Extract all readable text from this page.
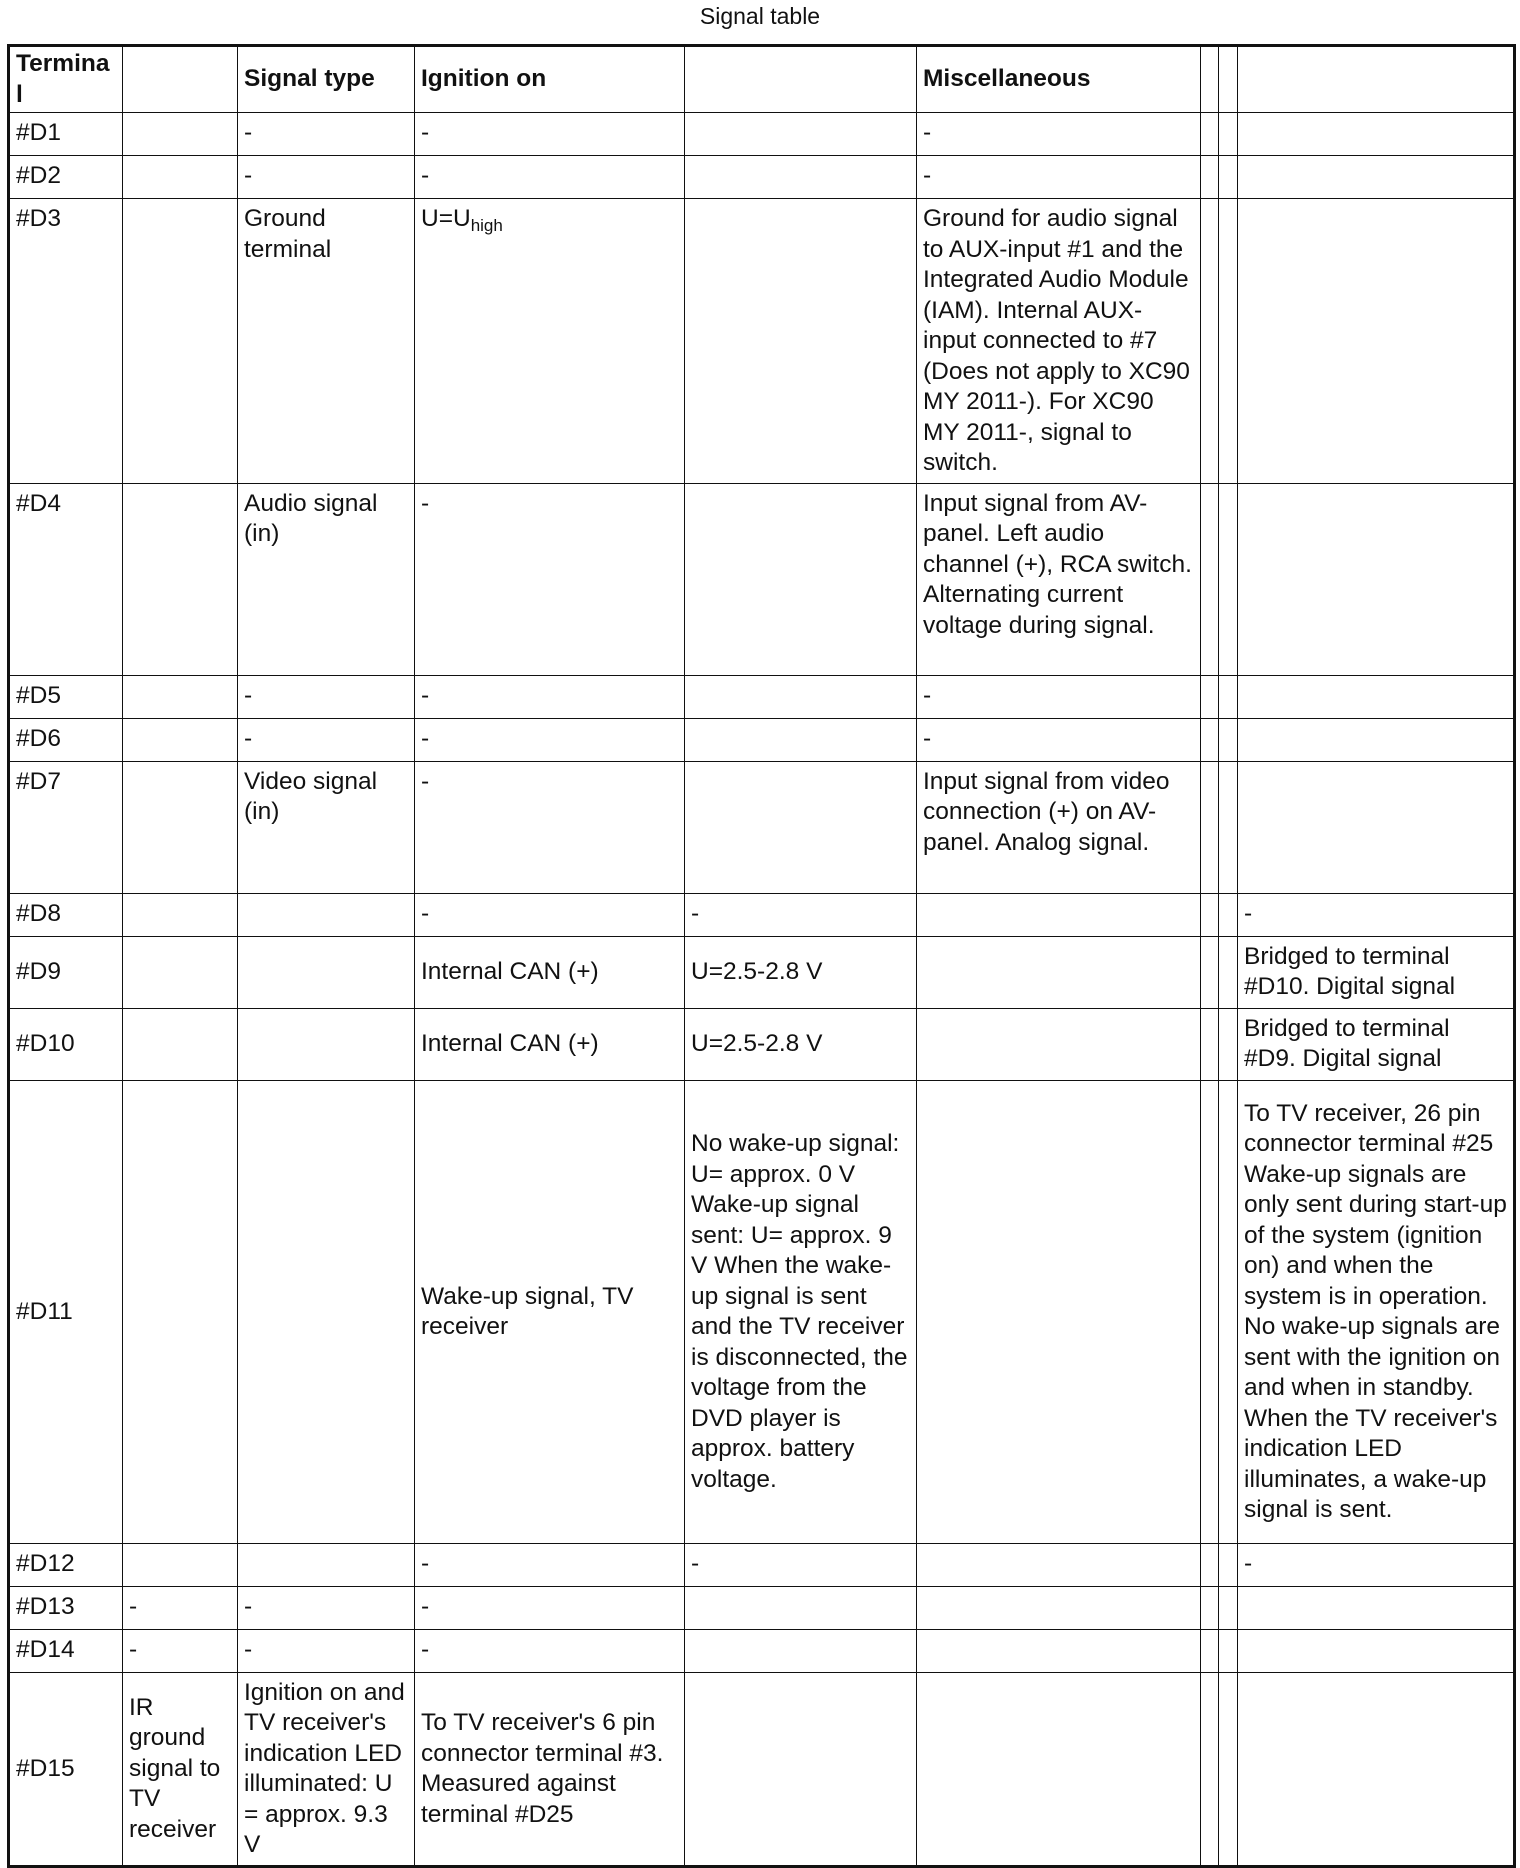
Signal table
Terminal		Signal type	Ignition on		Miscellaneous			
#D1		-	-		-			
#D2		-	-		-			
#D3		Ground terminal	$U=U_{high}$		Ground for audio signal to AUX-input #1 and the Integrated Audio Module (IAM). Internal AUX-input connected to #7 (Does not apply to XC90 MY 2011-). For XC90 MY 2011-, signal to switch.			
#D4		Audio signal (in)	-		Input signal from AV-panel. Left audio channel (+), RCA switch. Alternating current voltage during signal.			
#D5		-	-		-			
#D6		-	-		-			
#D7		Video signal (in)	-		Input signal from video connection (+) on AV-panel. Analog signal.			
#D8			-	-				-
#D9			Internal CAN (+)	U=2.5-2.8 V				Bridged to terminal #D10. Digital signal
#D10			Internal CAN (+)	U=2.5-2.8 V				Bridged to terminal #D9. Digital signal
#D11			Wake-up signal, TV receiver	No wake-up signal: U= approx. 0 V Wake-up signal sent: U= approx. 9 V When the wake-up signal is sent and the TV receiver is disconnected, the voltage from the DVD player is approx. battery voltage.				To TV receiver, 26 pin connector terminal #25 Wake-up signals are only sent during start-up of the system (ignition on) and when the system is in operation. No wake-up signals are sent with the ignition on and when in standby. When the TV receiver's indication LED illuminates, a wake-up signal is sent.
#D12			-	-				-
#D13	-	-	-					
#D14	-	-	-					
#D15	IR ground signal to TV receiver	Ignition on and TV receiver's indication LED illuminated: U = approx. 9.3 V	To TV receiver's 6 pin connector terminal #3. Measured against terminal #D25					
